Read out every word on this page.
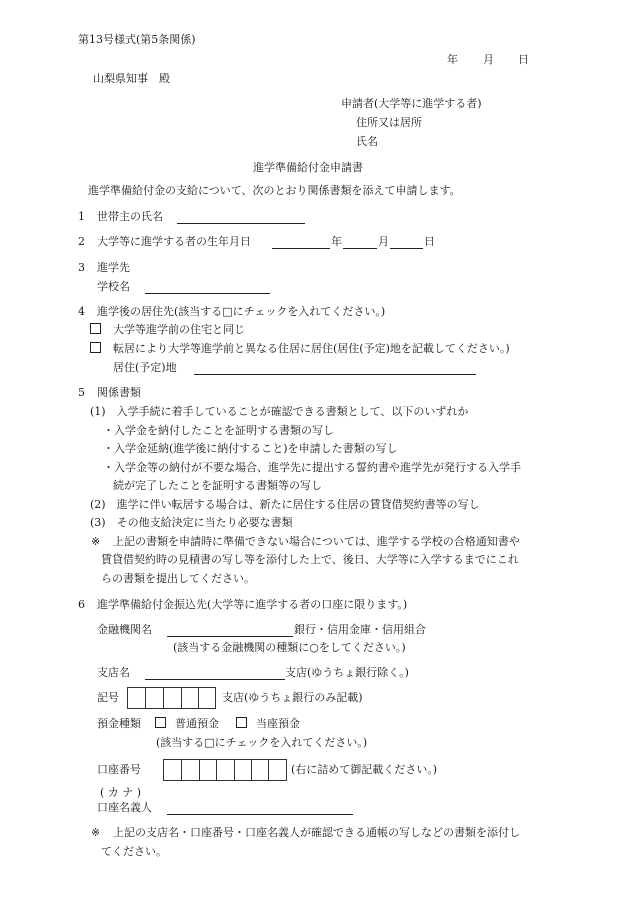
第13号様式(第5条関係)
年 月 日
山梨県知事　殿
申請者(大学等に進学する者)
住所又は居所
氏名
進学準備給付金申請書
進学準備給付金の支給について、次のとおり関係書類を添えて申請します。
1 世帯主の氏名
2 大学等に進学する者の生年月日	年	月	日
3 進学先
学校名
4 進学後の居住先(該当する□にチェックを入れてください。)
大学等進学前の住宅と同じ
転居により大学等進学前と異なる住居に居住(居住(予定)地を記載してください。)
居住(予定)地
5 関係書類
(1)　入学手続に着手していることが確認できる書類として、以下のいずれか
・入学金を納付したことを証明する書類の写し
・入学金延納(進学後に納付すること)を申請した書類の写し
・入学金等の納付が不要な場合、進学先に提出する誓約書や進学先が発行する入学手
続が完了したことを証明する書類等の写し
(2)　進学に伴い転居する場合は、新たに居住する住居の賃貸借契約書等の写し
(3)　その他支給決定に当たり必要な書類
※ 上記の書類を申請時に準備できない場合については、進学する学校の合格通知書や
賃貸借契約時の見積書の写し等を添付した上で、後日、大学等に入学するまでにこれ
らの書類を提出してください。
6 進学準備給付金振込先(大学等に進学する者の口座に限ります。)
金融機関名	銀行・信用金庫・信用組合
(該当する金融機関の種類に○をしてください。)
支店名	支店(ゆうちょ銀行除く。)
記号	支店(ゆうちょ銀行のみ記載)
預金種類	普通預金	当座預金
(該当する□にチェックを入れてください。)
口座番号	(右に詰めて御記載ください。)
( カ ナ )
口座名義人
※ 上記の支店名・口座番号・口座名義人が確認できる通帳の写しなどの書類を添付し
てください。
